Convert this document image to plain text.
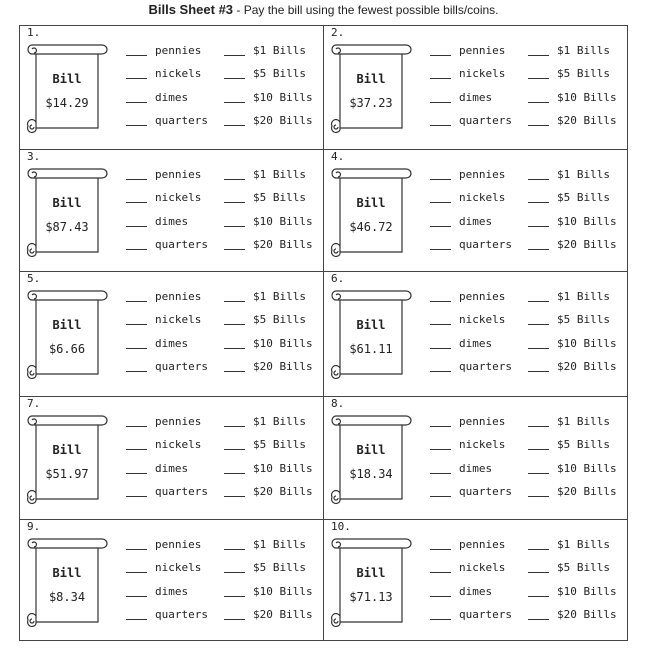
Bills Sheet #3 - Pay the bill using the fewest possible bills/coins.
1.
Bill
$14.29
pennies
nickels
dimes
quarters
$1 Bills
$5 Bills
$10 Bills
$20 Bills
2.
Bill
$37.23
pennies
nickels
dimes
quarters
$1 Bills
$5 Bills
$10 Bills
$20 Bills
3.
Bill
$87.43
pennies
nickels
dimes
quarters
$1 Bills
$5 Bills
$10 Bills
$20 Bills
4.
Bill
$46.72
pennies
nickels
dimes
quarters
$1 Bills
$5 Bills
$10 Bills
$20 Bills
5.
Bill
$6.66
pennies
nickels
dimes
quarters
$1 Bills
$5 Bills
$10 Bills
$20 Bills
6.
Bill
$61.11
pennies
nickels
dimes
quarters
$1 Bills
$5 Bills
$10 Bills
$20 Bills
7.
Bill
$51.97
pennies
nickels
dimes
quarters
$1 Bills
$5 Bills
$10 Bills
$20 Bills
8.
Bill
$18.34
pennies
nickels
dimes
quarters
$1 Bills
$5 Bills
$10 Bills
$20 Bills
9.
Bill
$8.34
pennies
nickels
dimes
quarters
$1 Bills
$5 Bills
$10 Bills
$20 Bills
10.
Bill
$71.13
pennies
nickels
dimes
quarters
$1 Bills
$5 Bills
$10 Bills
$20 Bills
